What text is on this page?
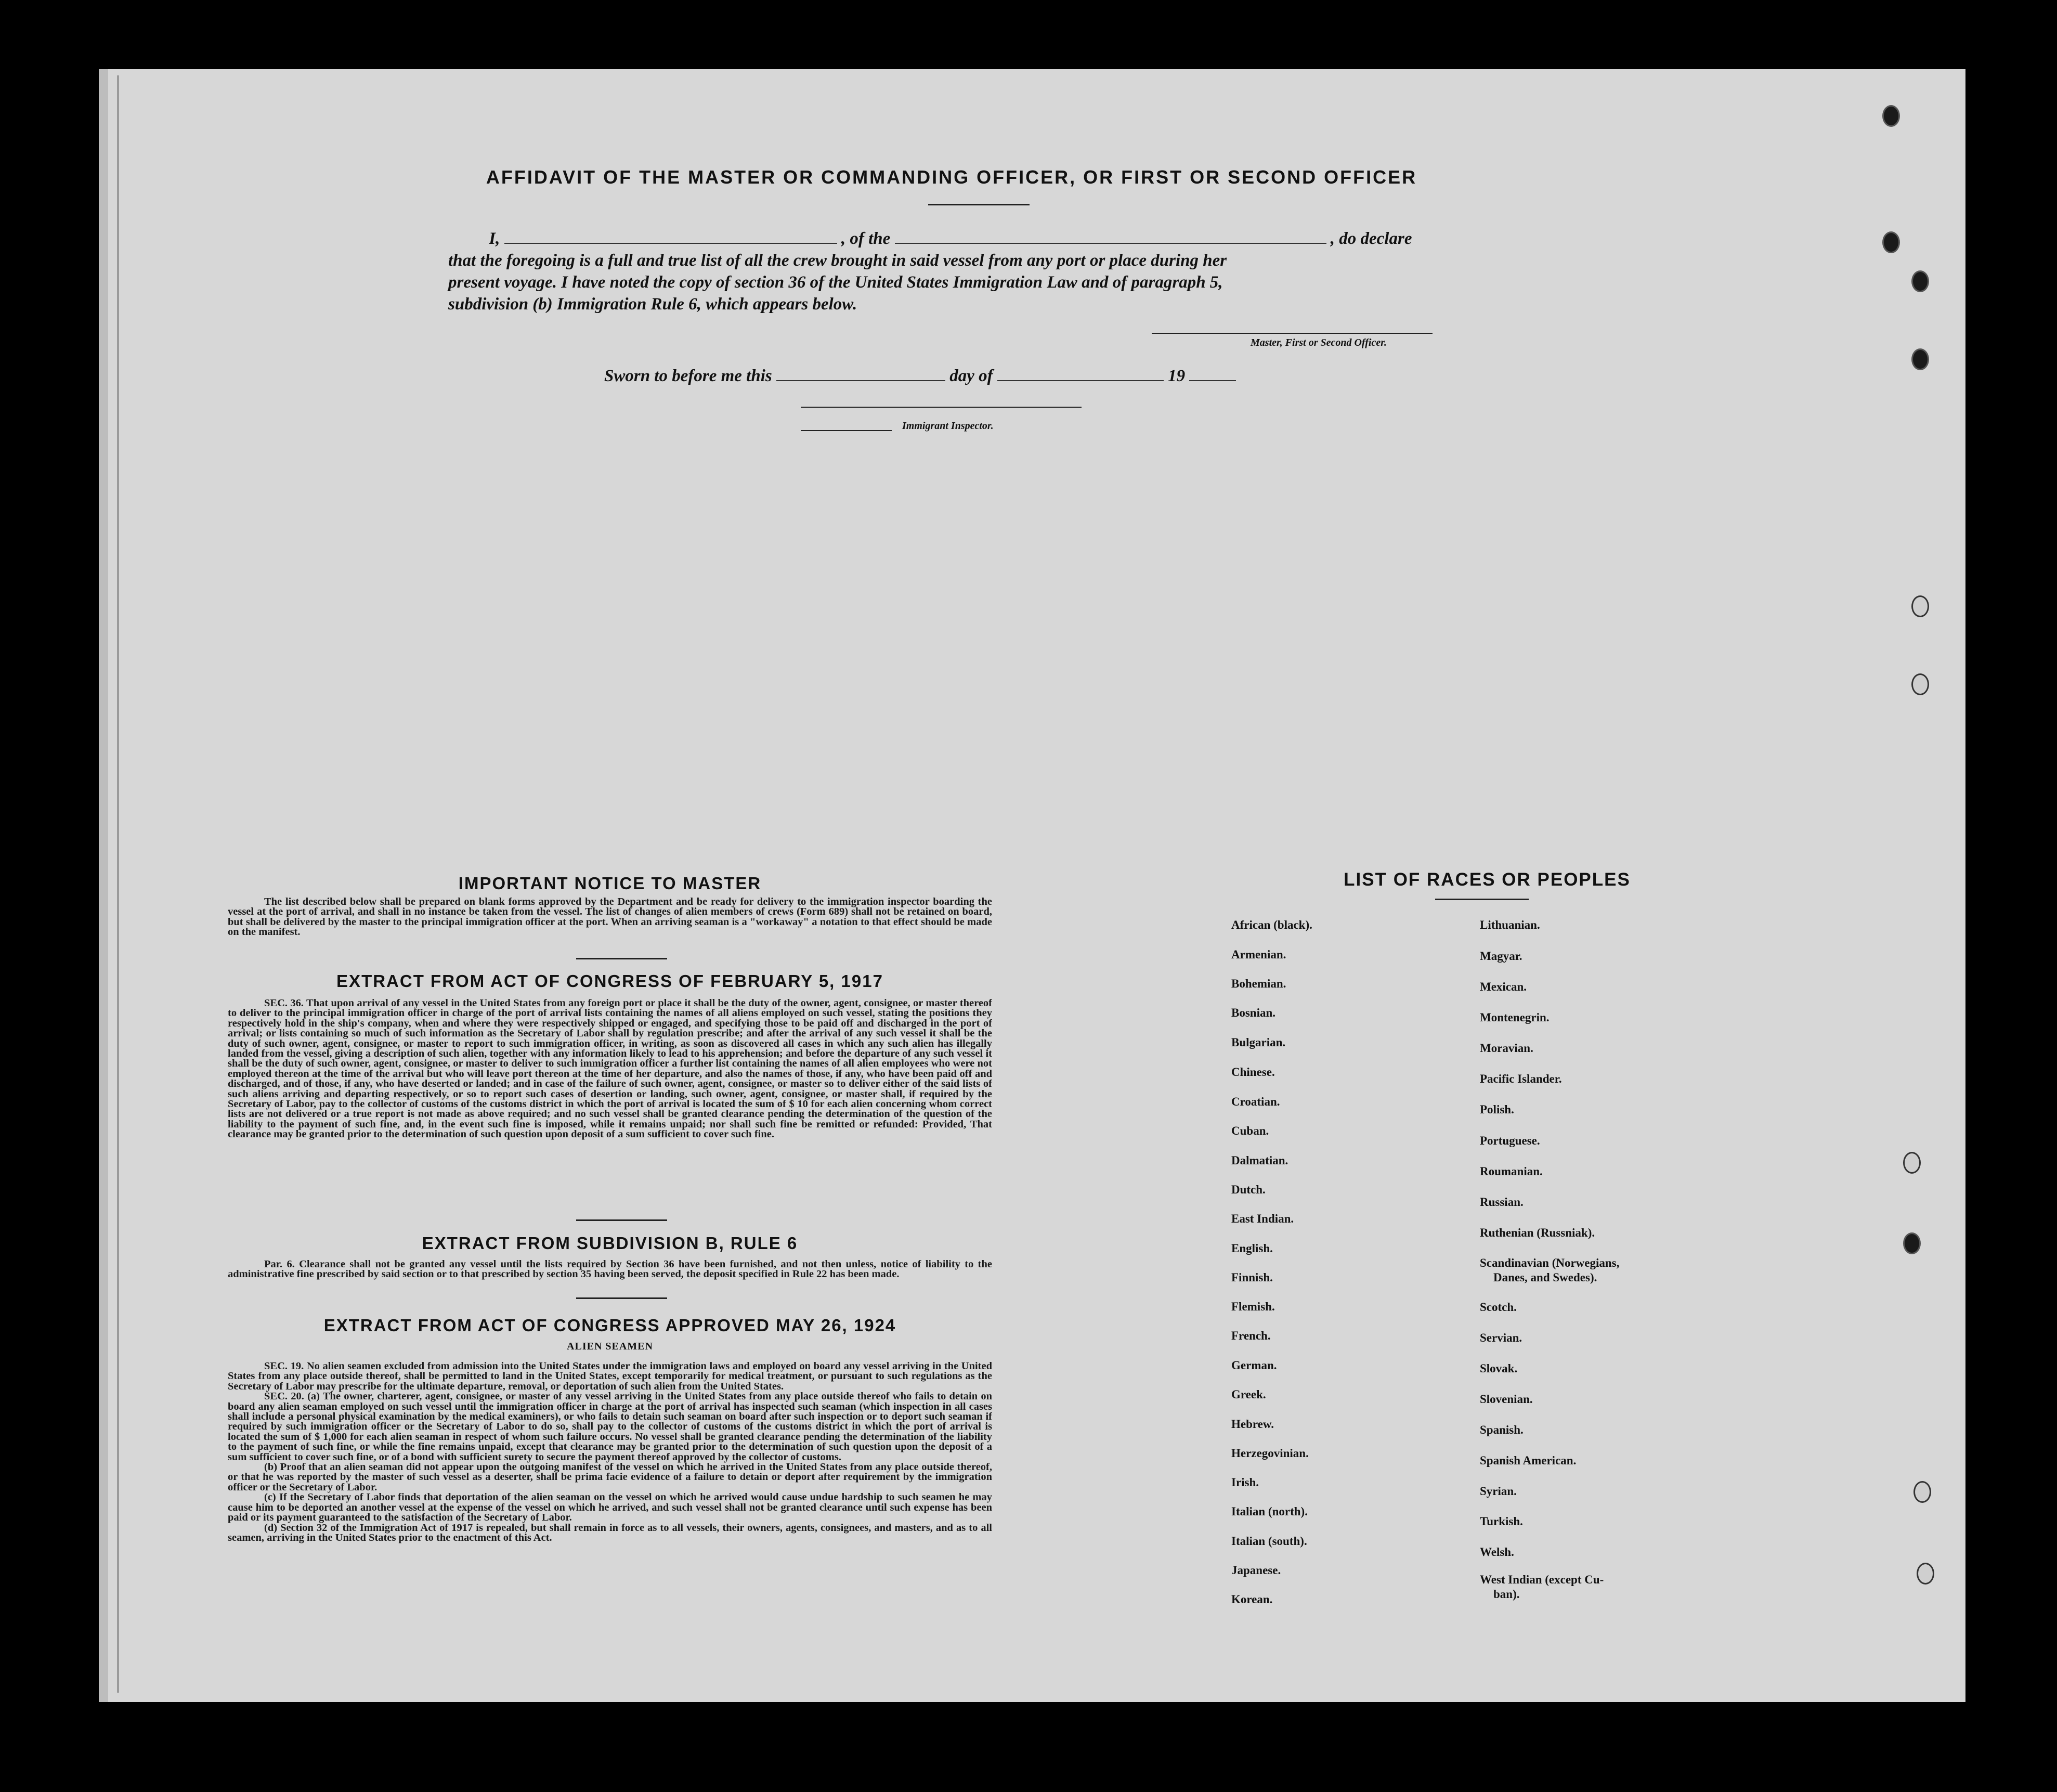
AFFIDAVIT OF THE MASTER OR COMMANDING OFFICER, OR FIRST OR SECOND OFFICER
I,	, of the	, do declare
that the foregoing is a full and true list of all the crew brought in said vessel from any port or place during her
present voyage. I have noted the copy of section 36 of the United States Immigration Law and of paragraph 5,
subdivision (b) Immigration Rule 6, which appears below.
Master, First or Second Officer.
Sworn to before me this	day of	19
Immigrant Inspector.
IMPORTANT NOTICE TO MASTER

The list described below shall be prepared on blank forms approved by the Department and be ready for delivery to the immigration inspector boarding the vessel at the port of arrival, and shall in no instance be taken from the vessel. The list of changes of alien members of crews (Form 689) shall not be retained on board, but shall be delivered by the master to the principal immigration officer at the port. When an arriving seaman is a "workaway" a notation to that effect should be made on the manifest.

EXTRACT FROM ACT OF CONGRESS OF FEBRUARY 5, 1917

SEC. 36. That upon arrival of any vessel in the United States from any foreign port or place it shall be the duty of the owner, agent, consignee, or master thereof to deliver to the principal immigration officer in charge of the port of arrival lists containing the names of all aliens employed on such vessel, stating the positions they respectively hold in the ship's company, when and where they were respectively shipped or engaged, and specifying those to be paid off and discharged in the port of arrival; or lists containing so much of such information as the Secretary of Labor shall by regulation prescribe; and after the arrival of any such vessel it shall be the duty of such owner, agent, consignee, or master to report to such immigration officer, in writing, as soon as discovered all cases in which any such alien has illegally landed from the vessel, giving a description of such alien, together with any information likely to lead to his apprehension; and before the departure of any such vessel it shall be the duty of such owner, agent, consignee, or master to deliver to such immigration officer a further list containing the names of all alien employees who were not employed thereon at the time of the arrival but who will leave port thereon at the time of her departure, and also the names of those, if any, who have been paid off and discharged, and of those, if any, who have deserted or landed; and in case of the failure of such owner, agent, consignee, or master so to deliver either of the said lists of such aliens arriving and departing respectively, or so to report such cases of desertion or landing, such owner, agent, consignee, or master shall, if required by the Secretary of Labor, pay to the collector of customs of the customs district in which the port of arrival is located the sum of $ 10 for each alien concerning whom correct lists are not delivered or a true report is not made as above required; and no such vessel shall be granted clearance pending the determination of the question of the liability to the payment of such fine, and, in the event such fine is imposed, while it remains unpaid; nor shall such fine be remitted or refunded: Provided, That clearance may be granted prior to the determination of such question upon deposit of a sum sufficient to cover such fine.

EXTRACT FROM SUBDIVISION B, RULE 6

Par. 6. Clearance shall not be granted any vessel until the lists required by Section 36 have been furnished, and not then unless, notice of liability to the administrative fine prescribed by said section or to that prescribed by section 35 having been served, the deposit specified in Rule 22 has been made.

EXTRACT FROM ACT OF CONGRESS APPROVED MAY 26, 1924
ALIEN SEAMEN

SEC. 19. No alien seamen excluded from admission into the United States under the immigration laws and employed on board any vessel arriving in the United States from any place outside thereof, shall be permitted to land in the United States, except temporarily for medical treatment, or pursuant to such regulations as the Secretary of Labor may prescribe for the ultimate departure, removal, or deportation of such alien from the United States.

SEC. 20. (a) The owner, charterer, agent, consignee, or master of any vessel arriving in the United States from any place outside thereof who fails to detain on board any alien seaman employed on such vessel until the immigration officer in charge at the port of arrival has inspected such seaman (which inspection in all cases shall include a personal physical examination by the medical examiners), or who fails to detain such seaman on board after such inspection or to deport such seaman if required by such immigration officer or the Secretary of Labor to do so, shall pay to the collector of customs of the customs district in which the port of arrival is located the sum of $ 1,000 for each alien seaman in respect of whom such failure occurs. No vessel shall be granted clearance pending the determination of the liability to the payment of such fine, or while the fine remains unpaid, except that clearance may be granted prior to the determination of such question upon the deposit of a sum sufficient to cover such fine, or of a bond with sufficient surety to secure the payment thereof approved by the collector of customs.

(b) Proof that an alien seaman did not appear upon the outgoing manifest of the vessel on which he arrived in the United States from any place outside thereof, or that he was reported by the master of such vessel as a deserter, shall be prima facie evidence of a failure to detain or deport after requirement by the immigration officer or the Secretary of Labor.

(c) If the Secretary of Labor finds that deportation of the alien seaman on the vessel on which he arrived would cause undue hardship to such seamen he may cause him to be deported an another vessel at the expense of the vessel on which he arrived, and such vessel shall not be granted clearance until such expense has been paid or its payment guaranteed to the satisfaction of the Secretary of Labor.

(d) Section 32 of the Immigration Act of 1917 is repealed, but shall remain in force as to all vessels, their owners, agents, consignees, and masters, and as to all seamen, arriving in the United States prior to the enactment of this Act.

LIST OF RACES OR PEOPLES
African (black).
Armenian.
Bohemian.
Bosnian.
Bulgarian.
Chinese.
Croatian.
Cuban.
Dalmatian.
Dutch.
East Indian.
English.
Finnish.
Flemish.
French.
German.
Greek.
Hebrew.
Herzegovinian.
Irish.
Italian (north).
Italian (south).
Japanese.
Korean.
Lithuanian.
Magyar.
Mexican.
Montenegrin.
Moravian.
Pacific Islander.
Polish.
Portuguese.
Roumanian.
Russian.
Ruthenian (Russniak).
Scandinavian (Norwegians,
Danes, and Swedes).
Scotch.
Servian.
Slovak.
Slovenian.
Spanish.
Spanish American.
Syrian.
Turkish.
Welsh.
West Indian (except Cu-
ban).
